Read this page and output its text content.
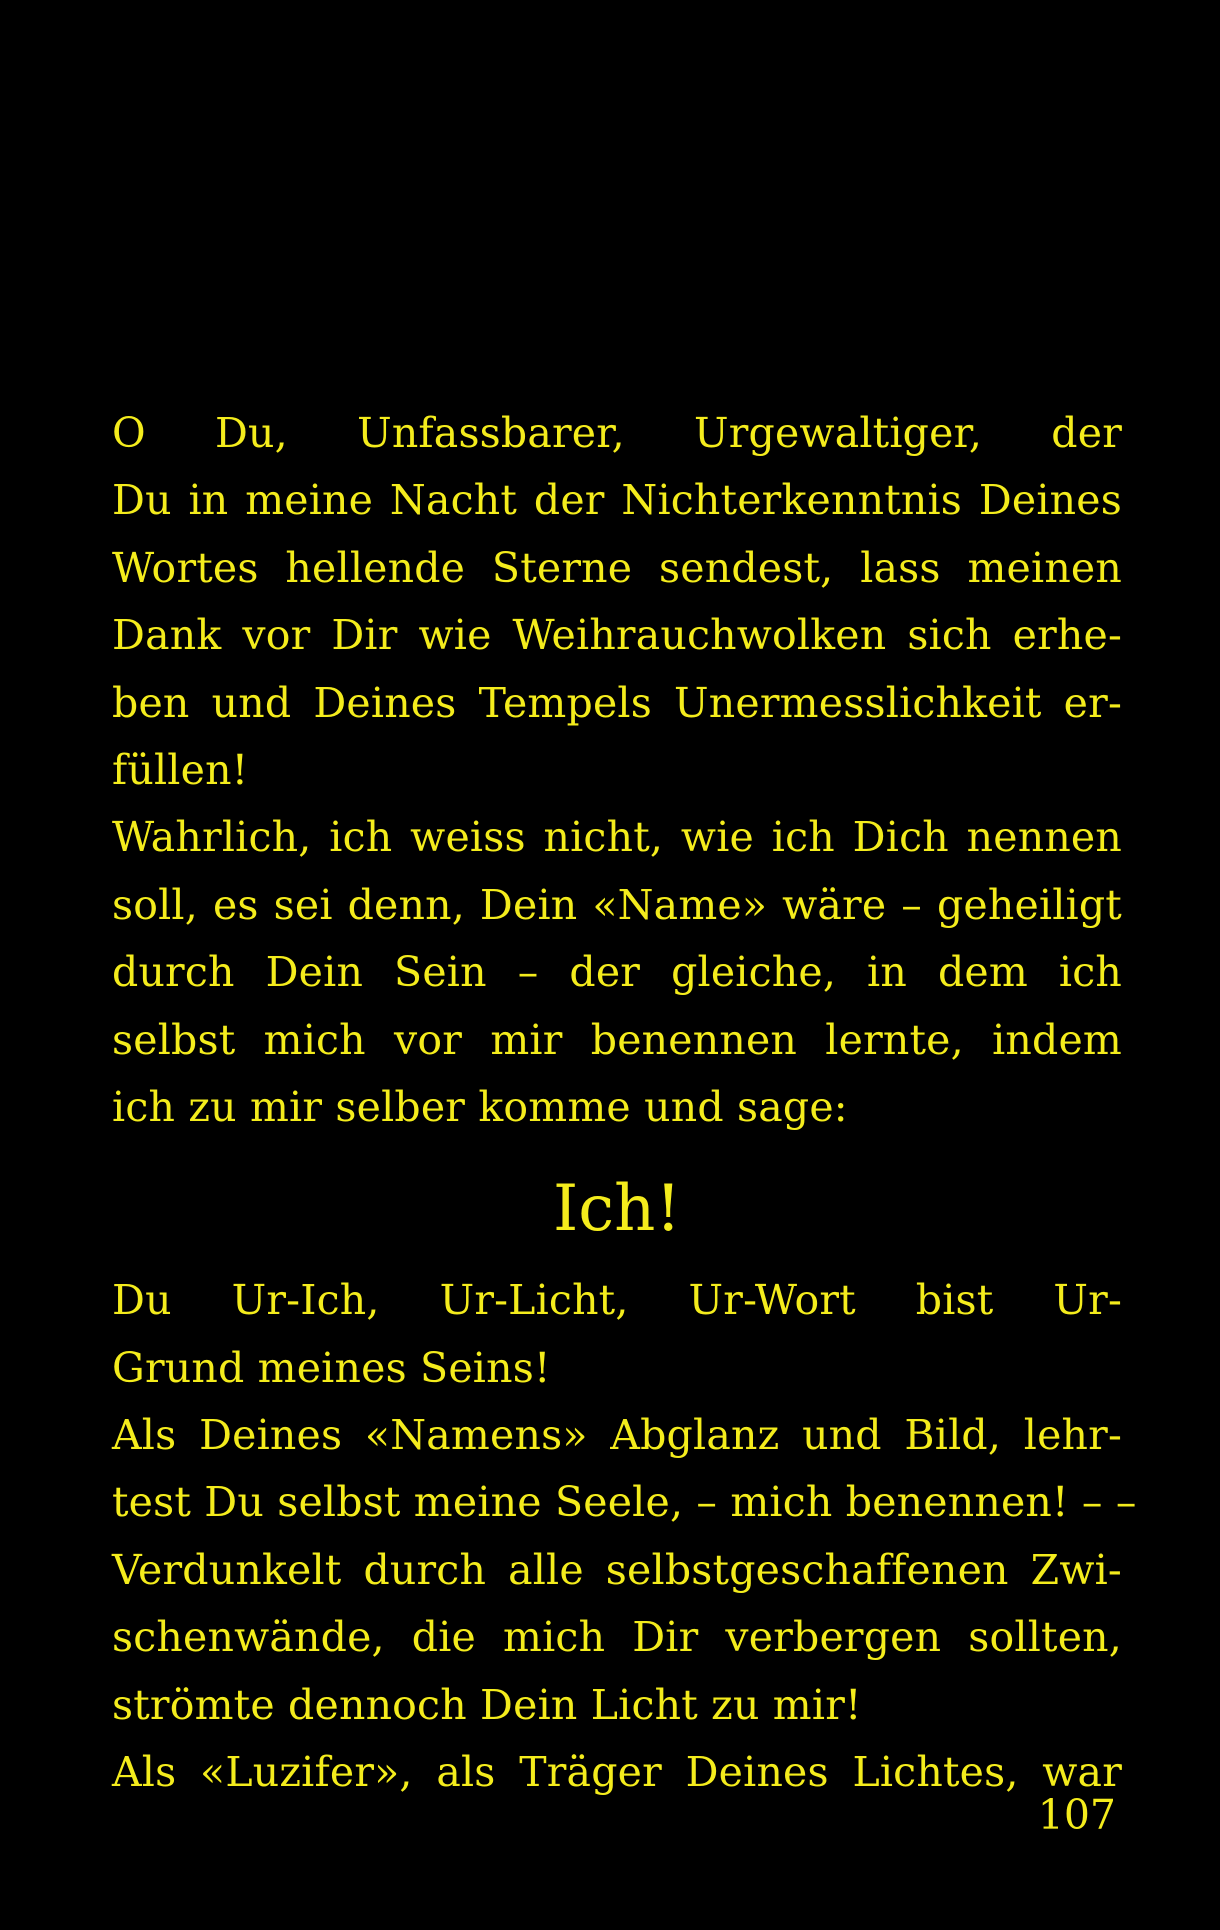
O Du, Unfassbarer, Urgewaltiger, der
Du in meine Nacht der Nichterkenntnis Deines
Wortes hellende Sterne sendest, lass meinen
Dank vor Dir wie Weihrauchwolken sich erhe-
ben und Deines Tempels Unermesslichkeit er-
füllen!
Wahrlich, ich weiss nicht, wie ich Dich nennen
soll, es sei denn, Dein «Name» wäre – geheiligt
durch Dein Sein – der gleiche, in dem ich
selbst mich vor mir benennen lernte, indem
ich zu mir selber komme und sage:
Ich!
Du Ur-Ich, Ur-Licht, Ur-Wort bist Ur-
Grund meines Seins!
Als Deines «Namens» Abglanz und Bild, lehr-
test Du selbst meine Seele, – mich benennen! – –
Verdunkelt durch alle selbstgeschaffenen Zwi-
schenwände, die mich Dir verbergen sollten,
strömte dennoch Dein Licht zu mir!
Als «Luzifer», als Träger Deines Lichtes, war
107
